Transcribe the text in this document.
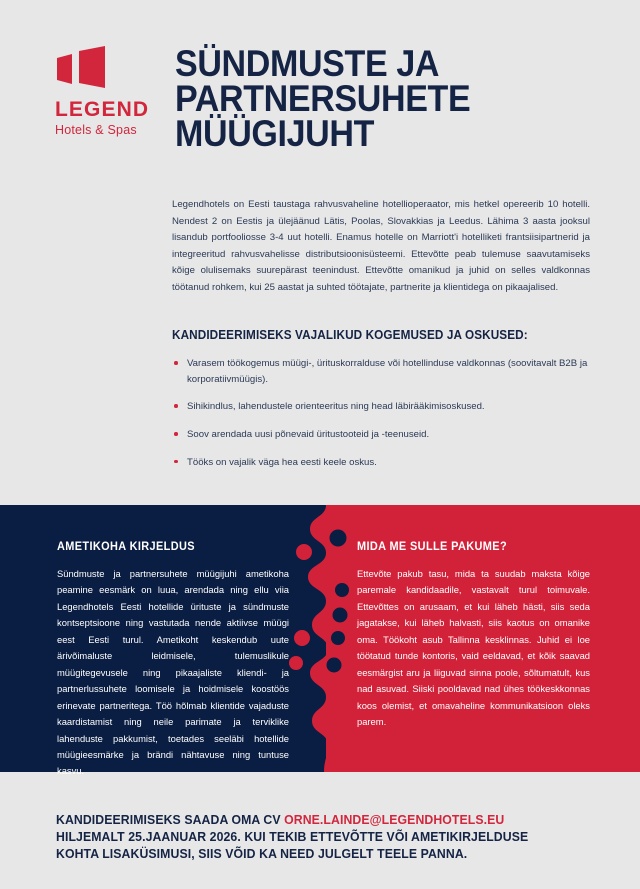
LEGEND
Hotels & Spas
SÜNDMUSTE JA
PARTNERSUHETE
MÜÜGIJUHT

Legendhotels on Eesti taustaga rahvusvaheline hotellioperaator, mis hetkel opereerib 10 hotelli. Nendest 2 on Eestis ja ülejäänud Lätis, Poolas, Slovakkias ja Leedus. Lähima 3 aasta jooksul lisandub portfooliosse 3-4 uut hotelli. Enamus hotelle on Marriott'i hotelliketi frantsiisipartnerid ja integreeritud rahvusvahelisse distributsioonisüsteemi. Ettevõtte peab tulemuse saavutamiseks kõige olulisemaks suurepärast teenindust. Ettevõtte omanikud ja juhid on selles valdkonnas töötanud rohkem, kui 25 aastat ja suhted töötajate, partnerite ja klientidega on pikaajalised.

KANDIDEERIMISEKS VAJALIKUD KOGEMUSED JA OSKUSED:
Varasem töökogemus müügi-, ürituskorralduse või hotellinduse valdkonnas (soovitavalt B2B ja korporatiivmüügis).
Sihikindlus, lahendustele orienteeritus ning head läbirääkimisoskused.
Soov arendada uusi põnevaid üritustooteid ja -teenuseid.
Tööks on vajalik väga hea eesti keele oskus.
AMETIKOHA KIRJELDUS
Sündmuste ja partnersuhete müügijuhi ametikoha peamine eesmärk on luua, arendada ning ellu viia Legendhotels Eesti hotellide ürituste ja sündmuste kontseptsioone ning vastutada nende aktiivse müügi eest Eesti turul. Ametikoht keskendub uute ärivõimaluste leidmisele, tulemuslikule müügitegevusele ning pikaajaliste kliendi- ja partnerlussuhete loomisele ja hoidmisele koostöös erinevate partneritega. Töö hõlmab klientide vajaduste kaardistamist ning neile parimate ja terviklike lahenduste pakkumist, toetades seeläbi hotellide müügieesmärke ja brändi nähtavuse ning tuntuse kasvu.
MIDA ME SULLE PAKUME?
Ettevõte pakub tasu, mida ta suudab maksta kõige paremale kandidaadile, vastavalt turul toimuvale. Ettevõttes on arusaam, et kui läheb hästi, siis seda jagatakse, kui läheb halvasti, siis kaotus on omanike oma. Töökoht asub Tallinna kesklinnas. Juhid ei loe töötatud tunde kontoris, vaid eeldavad, et kõik saavad eesmärgist aru ja liiguvad sinna poole, sõltumatult, kus nad asuvad. Siiski pooldavad nad ühes töökeskkonnas koos olemist, et omavaheline kommunikatsioon oleks parem.
KANDIDEERIMISEKS SAADA OMA CV ORNE.LAINDE@LEGENDHOTELS.EU HILJEMALT 25.JAANUAR 2026. KUI TEKIB ETTEVÕTTE VÕI AMETIKIRJELDUSE KOHTA LISAKÜSIMUSI, SIIS VÕID KA NEED JULGELT TEELE PANNA.
